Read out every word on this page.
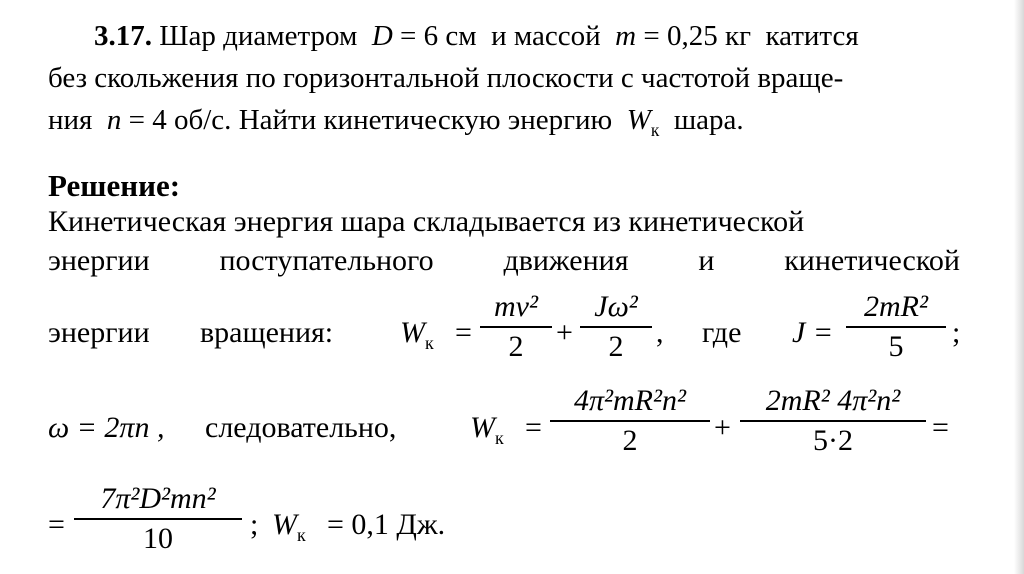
3.17. Шар диаметром D = 6 см и массой m = 0,25 кг катится
без скольжения по горизонтальной плоскости с частотой враще-
ния n = 4 об/с. Найти кинетическую энергию $W_к$ шара.
Решение:
Кинетическая энергия шара складывается из кинетической
энергии поступательного движения и кинетической
энергии вращения: $W_к$ =
mv²
2	+
Jω²
2	, где J =
2mR²
5	;
ω = 2πn , следовательно, $W_к$ =
4π²mR²n²
2	+
2mR² 4π²n²
5·2	=
=
7π²D²mn²
10	; $W_к = 0,1$ Дж.
